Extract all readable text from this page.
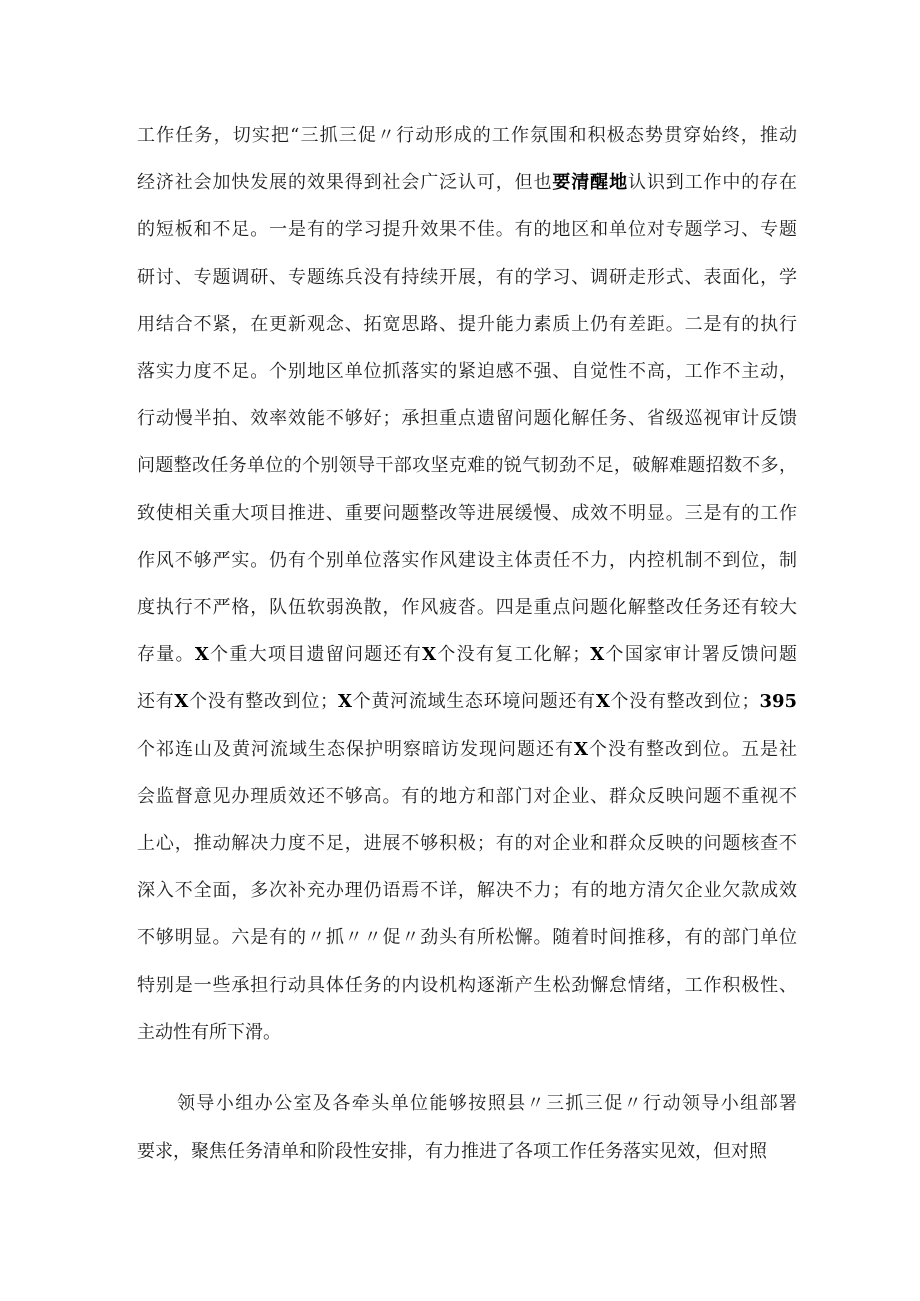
工作任务，切实把“三抓三促〃行动形成的工作氛围和积极态势贯穿始终，推动
经济社会加快发展的效果得到社会广泛认可，但也要清醒地认识到工作中的存在
的短板和不足。一是有的学习提升效果不佳。有的地区和单位对专题学习、专题
研讨、专题调研、专题练兵没有持续开展，有的学习、调研走形式、表面化，学
用结合不紧，在更新观念、拓宽思路、提升能力素质上仍有差距。二是有的执行
落实力度不足。个别地区单位抓落实的紧迫感不强、自觉性不高，工作不主动，
行动慢半拍、效率效能不够好；承担重点遗留问题化解任务、省级巡视审计反馈
问题整改任务单位的个别领导干部攻坚克难的锐气韧劲不足，破解难题招数不多，
致使相关重大项目推进、重要问题整改等进展缓慢、成效不明显。三是有的工作
作风不够严实。仍有个别单位落实作风建设主体责任不力，内控机制不到位，制
度执行不严格，队伍软弱涣散，作风疲沓。四是重点问题化解整改任务还有较大
存量。X个重大项目遗留问题还有X个没有复工化解；X个国家审计署反馈问题
还有X个没有整改到位；X个黄河流域生态环境问题还有X个没有整改到位；395
个祁连山及黄河流域生态保护明察暗访发现问题还有X个没有整改到位。五是社
会监督意见办理质效还不够高。有的地方和部门对企业、群众反映问题不重视不
上心，推动解决力度不足，进展不够积极；有的对企业和群众反映的问题核查不
深入不全面，多次补充办理仍语焉不详，解决不力；有的地方清欠企业欠款成效
不够明显。六是有的〃抓〃〃促〃劲头有所松懈。随着时间推移，有的部门单位
特别是一些承担行动具体任务的内设机构逐渐产生松劲懈怠情绪，工作积极性、
主动性有所下滑。
领导小组办公室及各牵头单位能够按照县〃三抓三促〃行动领导小组部署
要求，聚焦任务清单和阶段性安排，有力推进了各项工作任务落实见效，但对照
